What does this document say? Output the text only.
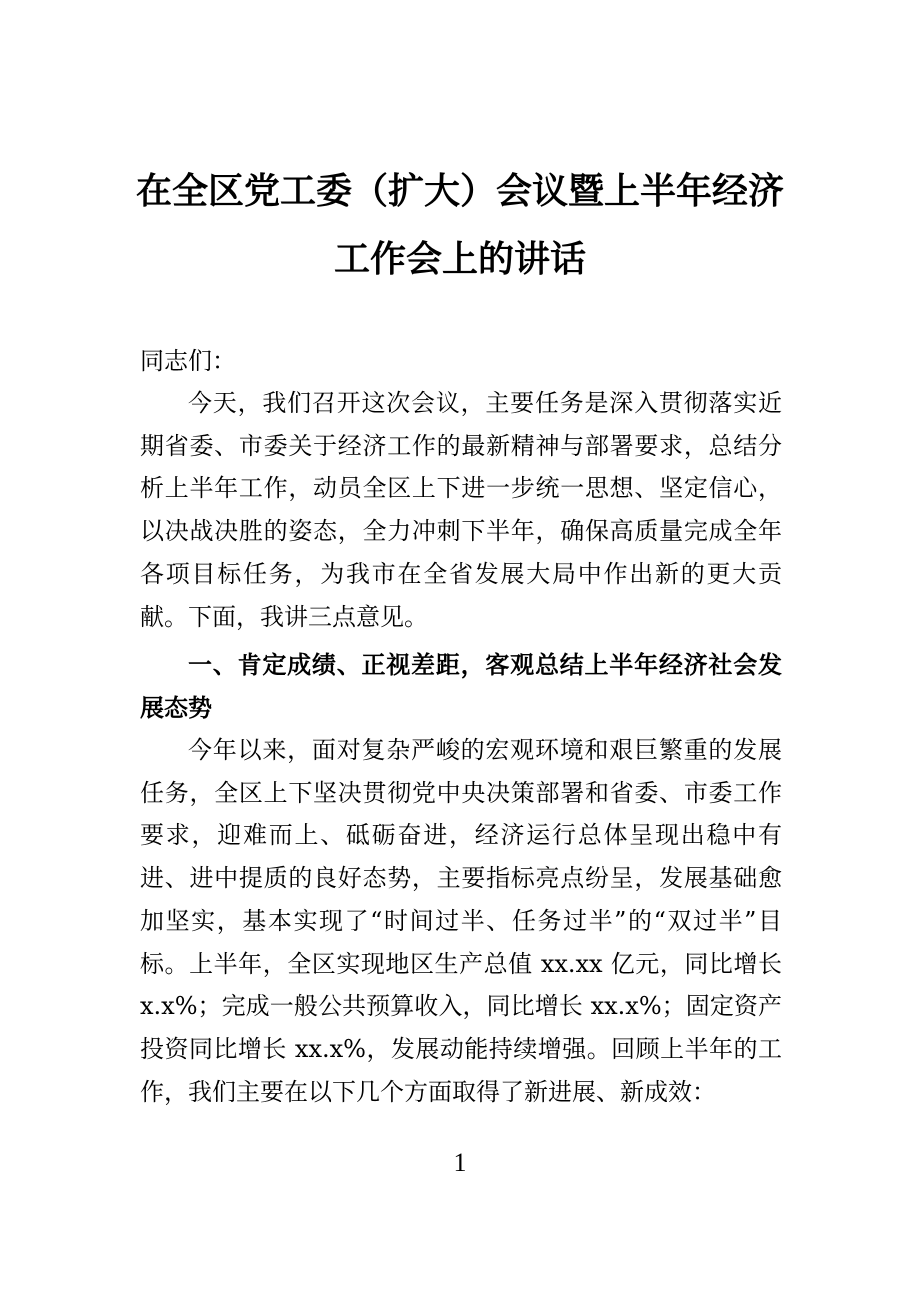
在全区党工委（扩大）会议暨上半年经济
工作会上的讲话
同志们：
今天，我们召开这次会议，主要任务是深入贯彻落实近期省委、市委关于经济工作的最新精神与部署要求，总结分析上半年工作，动员全区上下进一步统一思想、坚定信心，以决战决胜的姿态，全力冲刺下半年，确保高质量完成全年各项目标任务，为我市在全省发展大局中作出新的更大贡献。下面，我讲三点意见。
一、肯定成绩、正视差距，客观总结上半年经济社会发展态势
今年以来，面对复杂严峻的宏观环境和艰巨繁重的发展任务，全区上下坚决贯彻党中央决策部署和省委、市委工作要求，迎难而上、砥砺奋进，经济运行总体呈现出稳中有进、进中提质的良好态势，主要指标亮点纷呈，发展基础愈加坚实，基本实现了“时间过半、任务过半”的“双过半”目标。上半年，全区实现地区生产总值 xx.xx 亿元，同比增长 x.x%；完成一般公共预算收入，同比增长 xx.x%；固定资产投资同比增长 xx.x%，发展动能持续增强。回顾上半年的工作，我们主要在以下几个方面取得了新进展、新成效：
1
